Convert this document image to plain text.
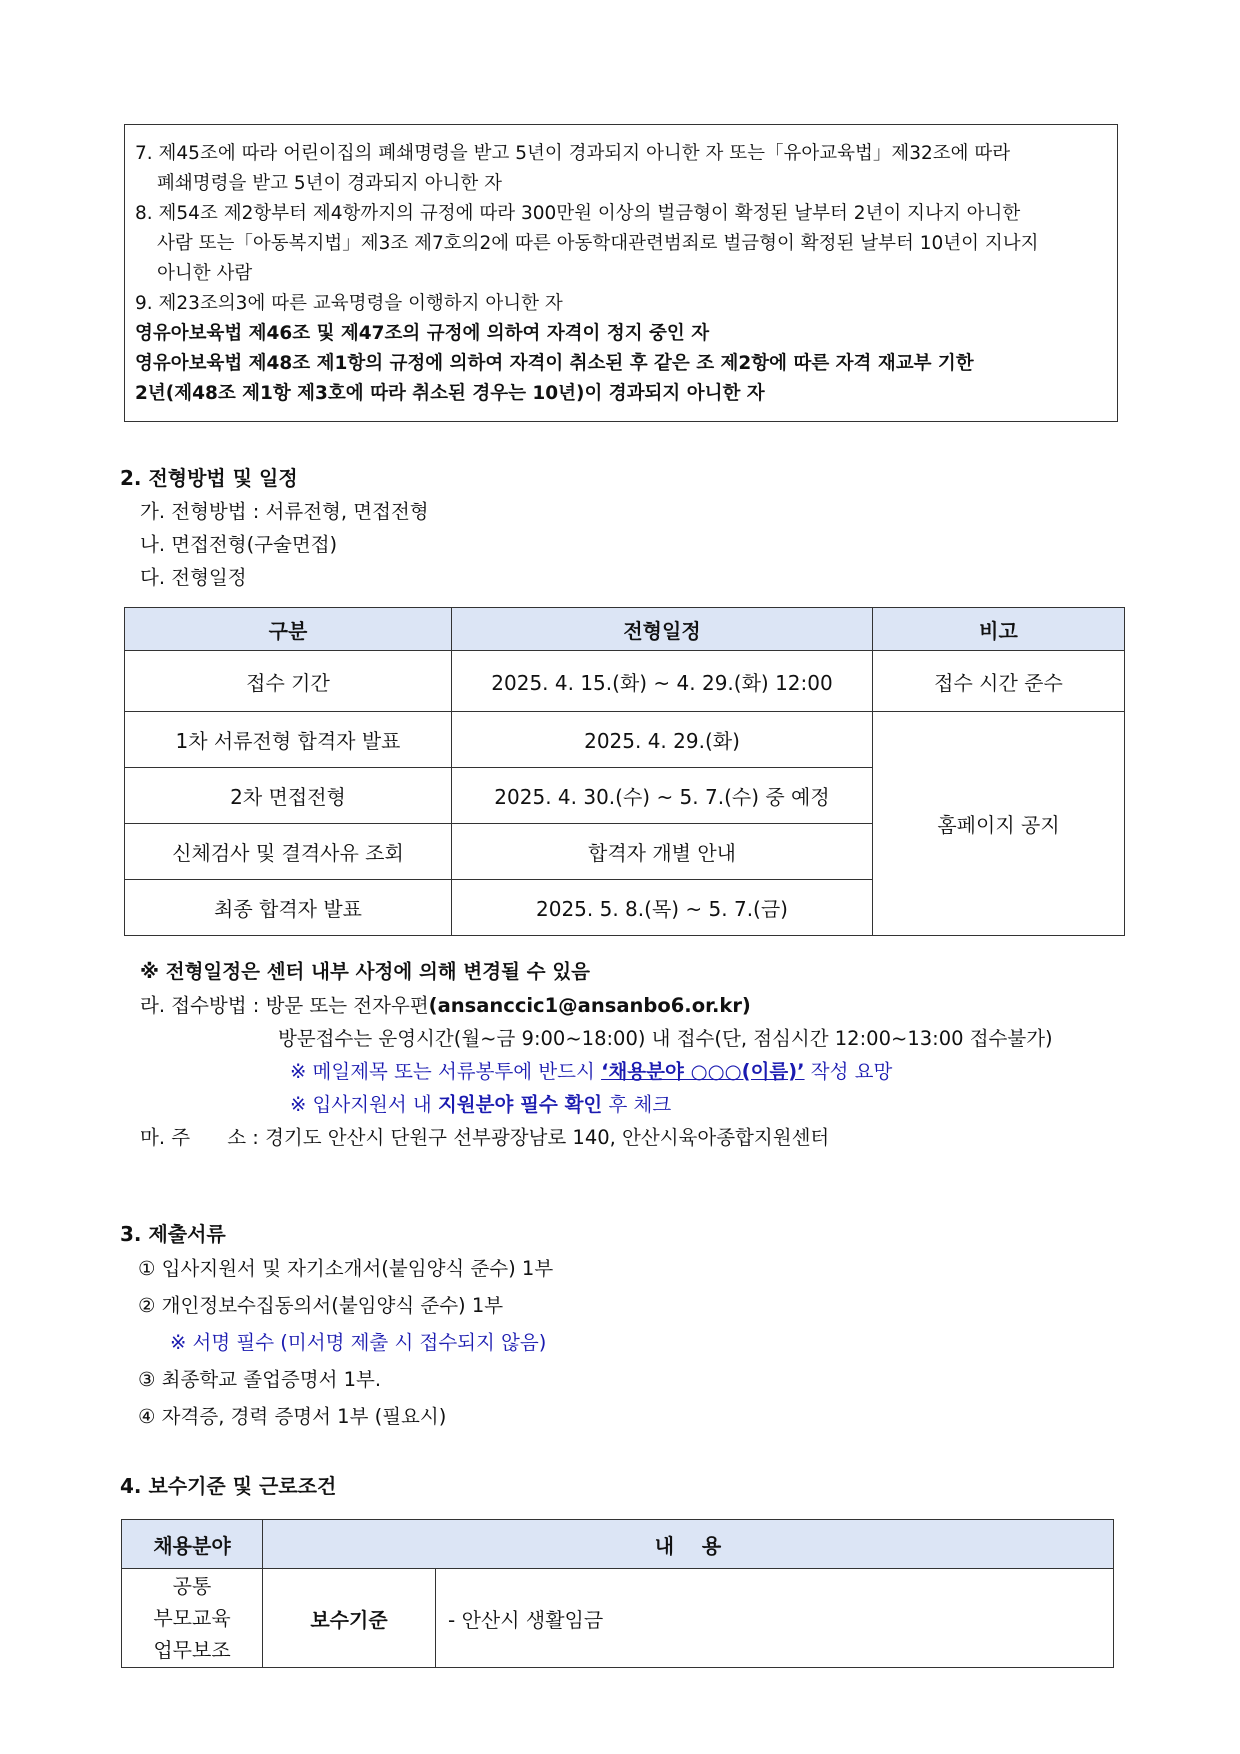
7. 제45조에 따라 어린이집의 폐쇄명령을 받고 5년이 경과되지 아니한 자 또는「유아교육법」제32조에 따라
폐쇄명령을 받고 5년이 경과되지 아니한 자
8. 제54조 제2항부터 제4항까지의 규정에 따라 300만원 이상의 벌금형이 확정된 날부터 2년이 지나지 아니한
사람 또는「아동복지법」제3조 제7호의2에 따른 아동학대관련범죄로 벌금형이 확정된 날부터 10년이 지나지
아니한 사람
9. 제23조의3에 따른 교육명령을 이행하지 아니한 자
영유아보육법 제46조 및 제47조의 규정에 의하여 자격이 정지 중인 자
영유아보육법 제48조 제1항의 규정에 의하여 자격이 취소된 후 같은 조 제2항에 따른 자격 재교부 기한
2년(제48조 제1항 제3호에 따라 취소된 경우는 10년)이 경과되지 아니한 자
2. 전형방법 및 일정
가. 전형방법 : 서류전형, 면접전형
나. 면접전형(구술면접)
다. 전형일정
구분	전형일정	비고
접수 기간	2025. 4. 15.(화) ~ 4. 29.(화) 12:00	접수 시간 준수
1차 서류전형 합격자 발표	2025. 4. 29.(화)	홈페이지 공지
2차 면접전형	2025. 4. 30.(수) ~ 5. 7.(수) 중 예정	
신체검사 및 결격사유 조회	합격자 개별 안내	
최종 합격자 발표	2025. 5. 8.(목) ~ 5. 7.(금)	
※ 전형일정은 센터 내부 사정에 의해 변경될 수 있음
라. 접수방법 : 방문 또는 전자우편(ansanccic1@ansanbo6.or.kr)
방문접수는 운영시간(월~금 9:00~18:00) 내 접수(단, 점심시간 12:00~13:00 접수불가)
※ 메일제목 또는 서류봉투에 반드시 ‘채용분야 ○○○(이름)’ 작성 요망
※ 입사지원서 내 지원분야 필수 확인 후 체크
마. 주      소 : 경기도 안산시 단원구 선부광장남로 140, 안산시육아종합지원센터
3. 제출서류
① 입사지원서 및 자기소개서(붙임양식 준수) 1부
② 개인정보수집동의서(붙임양식 준수) 1부
※ 서명 필수 (미서명 제출 시 접수되지 않음)
③ 최종학교 졸업증명서 1부.
④ 자격증, 경력 증명서 1부 (필요시)
4. 보수기준 및 근로조건
채용분야	내    용	

공통
부모교육
업무보조	보수기준	- 안산시 생활임금
